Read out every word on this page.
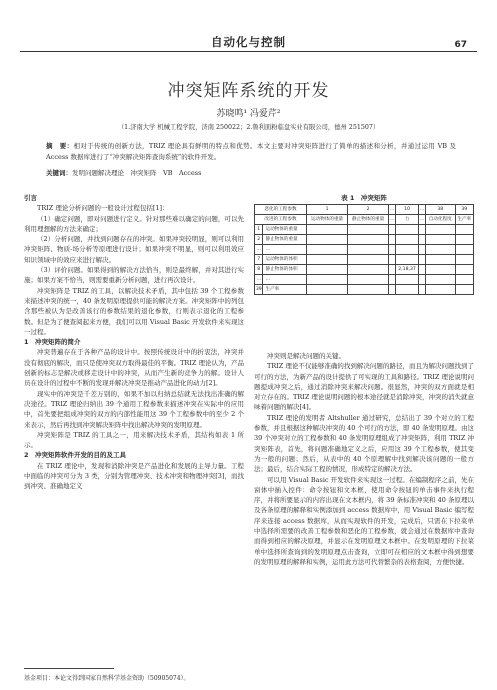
自动化与控制	67
冲突矩阵系统的开发
苏晓鸣¹ 冯爱芹²
（1.济南大学 机械工程学院，济南 250022；2.鲁利面粉临盘实业有限公司，德州 251507）
摘　要：相对于传统的创新方法，TRIZ 理论具有鲜明的特点和优势。本文主要对冲突矩阵进行了简单的描述和分析，并通过运用 VB 及 Access 数据库进行了“冲突解决矩阵查询系统”的软件开发。
关键词：发明问题解决理论　冲突矩阵　VB　Access

引言

TRIZ 理论分析问题的一般设计过程包括[1]：

（1）确定问题，即对问题进行定义。针对那些难以确定的问题，可以先利用理想解的方法来确定；

（2）分析问题，并找到问题存在的冲突。如果冲突较明显，则可以利用冲突矩阵、物质-场分析等原理进行设计；如果冲突不明显，则可以利用效应知识领域中的效应来进行解决。

（3）评价问题。如果得到的解决方法恰当，则是最终解，并对其进行实施；如果方案不恰当，则需要重新分析问题，进行再次设计。

冲突矩阵是 TRIZ 的工具，以解决技术矛盾，其中包括 39 个工程参数来描述冲突的统一，40 条发明原理提供可能的解决方案。冲突矩阵中的列包含那些被认为是改善该行的参数结果的退化参数，行则表示退化的工程参数。但是为了便查阅起来方便，我们可以用 Visual Basic 开发软件来实现这一过程。

1　冲突矩阵的简介

冲突普遍存在于各种产品的设计中。按照传统设计中的折衷法，冲突并没有彻底的解决，而只是使冲突双方取得最佳的平衡。TRIZ 理论认为，产品创新的标志是解决或移走设计中的冲突，从而产生新的竞争力的解。设计人员在设计的过程中不断的发现并解决冲突是推动产品进化的动力[2]。

现实中的冲突是千差万别的，如果不加以归纳总结就无法找出准确的解决途径。TRIZ 理论归纳出 39 个通用工程参数来描述冲突在实际中的应用中，首先要把组成冲突的双方的内部性能用这 39 个工程参数中的至少 2 个来表示，然后再找到冲突解决矩阵中找出解决冲突的发明原理。

冲突矩阵是 TRIZ 的工具之一，用来解决技术矛盾，其结构如表 1 所示。

2　冲突矩阵软件开发的目的及工具

在 TRIZ 理论中，发现和消除冲突是产品进化和发展的主导力量。工程中面临的冲突可分为 3 类，分别为管理冲突、技术冲突和物理冲突[3]，而找到冲突、准确地定义

表 1　冲突矩阵
恶化的工程参数		1	2	…	10	…	38	39
改进的工程参数		运动物体的重量	静止物体的重量	…	力	…	自动化程度	生产率
1	运动物体的重量							
2	静止物体的重量							
…	…							
7	运动物体的体积							
8	静止物体的体积				2,18,37			
…	…							
39	生产率							

冲突则是解决问题的关键。

TRIZ 理论不仅能够准确的找到解决问题的路径，而且为解决问题找到了可行的方法，为新产品的设计提供了可实现的工具和路径。TRIZ 理论说明问题提成冲突之后，通过消除冲突来解决问题。很显然，冲突的双方面就是相对立存在的。TRIZ 理论说明问题的根本途径就是消除冲突，冲突的消失就意味着问题的解决[4]。

TRIZ 理论的发明者 Altshuller 通过研究，总结出了 39 个对立的工程参数，并且根据这种解决冲突的 40 个可行的方法，即 40 条发明原理。由这 39 个冲突对立的工程参数和 40 条发明原理组成了冲突矩阵，利用 TRIZ 冲突矩阵表，首先，将问题准确地定义之后，应用这 39 个工程参数，使其变为一般的问题；然后，从表中的 40 个原理解中找到解决该问题的一般方法；最后，结合实际工程的情况，形成特定的解决方法。

可以用 Visual Basic 开发软件来实现这一过程。在编制程序之前，先在窗体中插入控件：命令按钮和文本框，使用命令按钮的单击事件来执行程序，并将所要显示的内容出现在文本框内，将 39 条标准冲突和 40 条原理以及各条原理的解释和实例添加到 access 数据库中，用 Visual Basic 编写程序来连接 access 数据库，从而实现软件的开发，完成后，只需在下拉菜单中选择所需要的改善工程参数和恶化的工程参数，就会通过在数据库中查询而得到相应的解决原理，并显示在发明原理文本框中。在发明原理的下拉菜单中选择所查询到的发明原理点击查询，立即可在相应的文本框中得到想要的发明原理的解释和实例，运用此方法可代替繁杂的表格查阅，方便快捷。

基金项目：本论文得到国家自然科学基金资助（50905074）。
